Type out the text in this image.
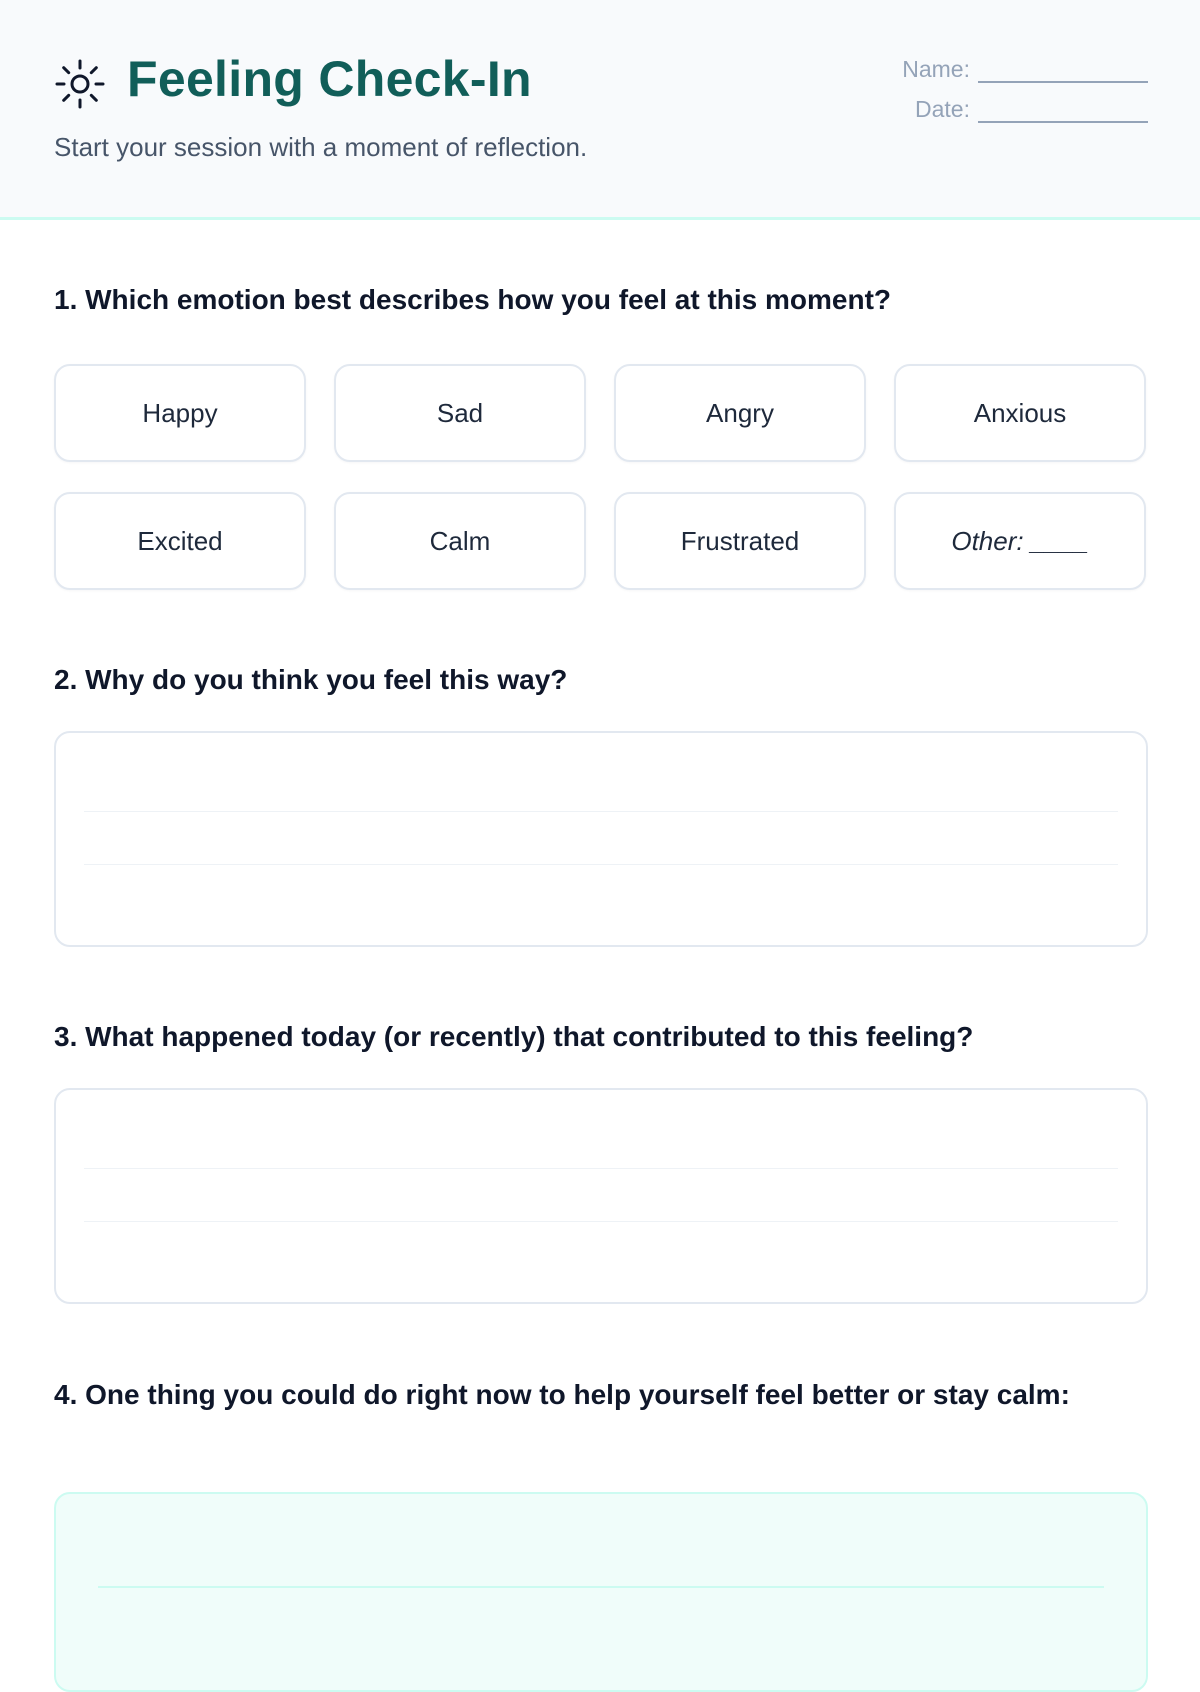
Feeling Check-In

Start your session with a moment of reflection.

Name:
Date:

1. Which emotion best describes how you feel at this moment?

Happy	Sad	Angry	Anxious
Excited	Calm	Frustrated	Other: ____

2. Why do you think you feel this way?

3. What happened today (or recently) that contributed to this feeling?

4. One thing you could do right now to help yourself feel better or stay calm:
